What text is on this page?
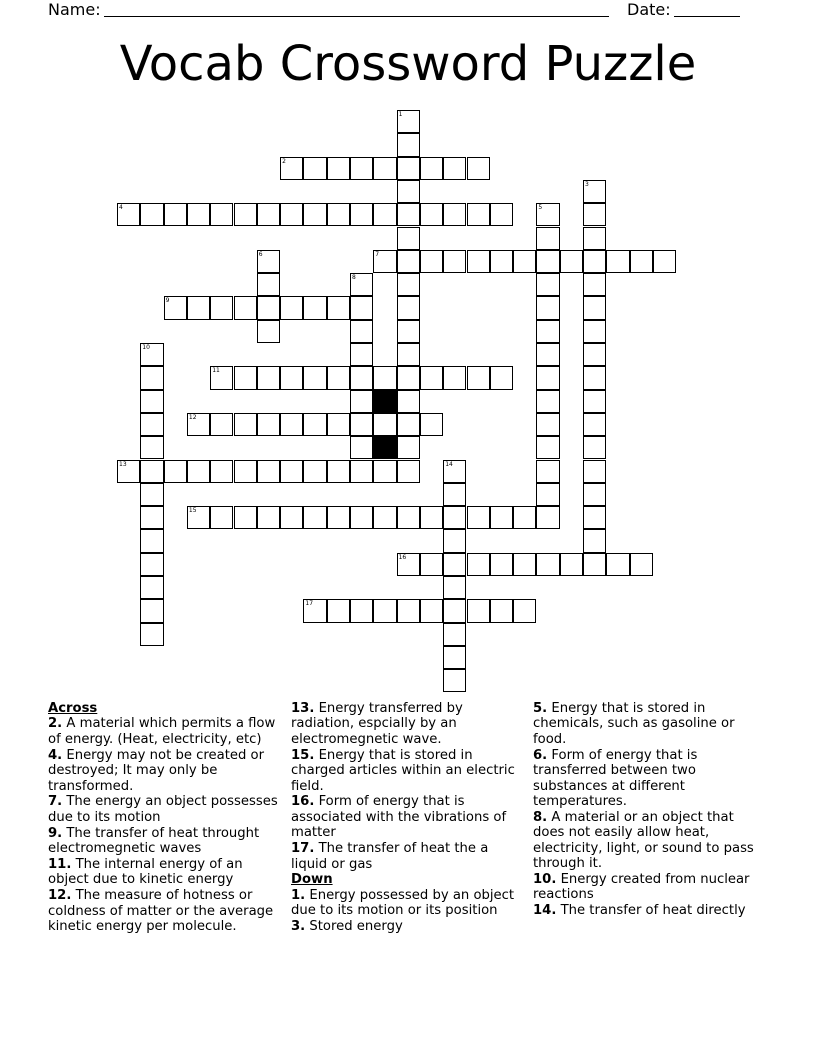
Name:	Date:
Vocab Crossword Puzzle
1
2
3
4	5
6	7
8
9
10
11
12
13	14
15
16
17
Across
2. A material which permits a flow of energy. (Heat, electricity, etc)
4. Energy may not be created or destroyed; It may only be transformed.
7. The energy an object possesses due to its motion
9. The transfer of heat throught electromegnetic waves
11. The internal energy of an object due to kinetic energy
12. The measure of hotness or coldness of matter or the average kinetic energy per molecule.
13. Energy transferred by radiation, espcially by an electromegnetic wave.
15. Energy that is stored in charged articles within an electric field.
16. Form of energy that is associated with the vibrations of matter
17. The transfer of heat the a liquid or gas
Down
1. Energy possessed by an object due to its motion or its position
3. Stored energy
5. Energy that is stored in chemicals, such as gasoline or food.
6. Form of energy that is transferred between two substances at different temperatures.
8. A material or an object that does not easily allow heat, electricity, light, or sound to pass through it.
10. Energy created from nuclear reactions
14. The transfer of heat directly
